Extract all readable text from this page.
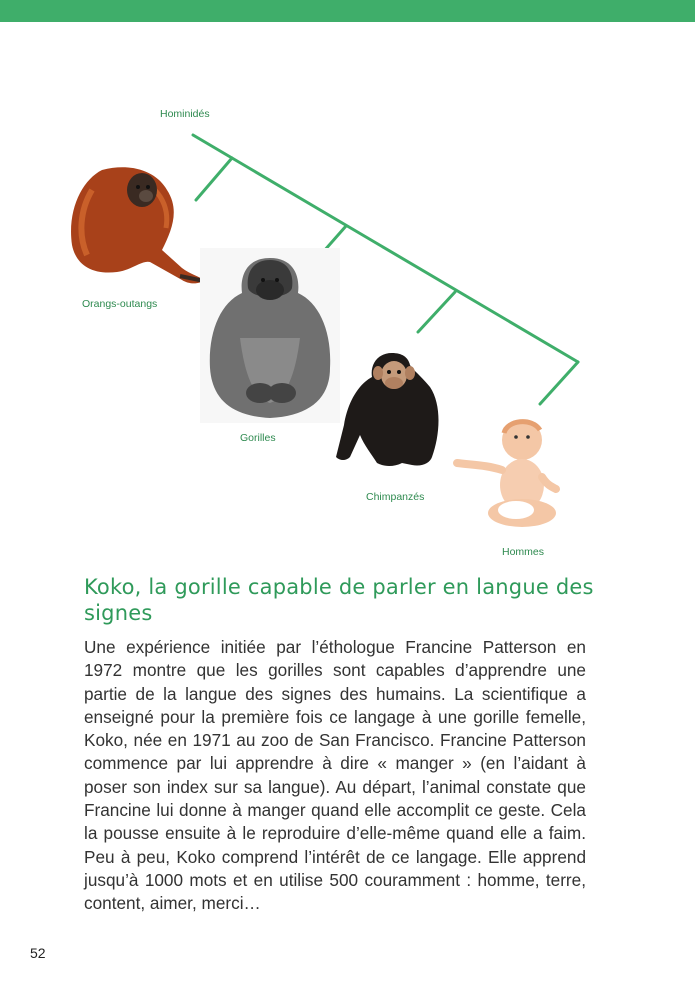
Hominidés
Orangs-outangs
Gorilles
Chimpanzés
Hommes
Koko, la gorille capable de parler en langue des signes

Une expérience initiée par l’éthologue Francine Patterson en 1972 montre que les gorilles sont capables d’apprendre une partie de la langue des signes des humains. La scientifique a enseigné pour la première fois ce langage à une gorille femelle, Koko, née en 1971 au zoo de San Francisco. Francine Patterson commence par lui apprendre à dire « manger » (en l’aidant à poser son index sur sa langue). Au départ, l’animal constate que Francine lui donne à manger quand elle accomplit ce geste. Cela la pousse ensuite à le reproduire d’elle-même quand elle a faim. Peu à peu, Koko comprend l’intérêt de ce langage. Elle apprend jusqu’à 1000 mots et en utilise 500 couramment : homme, terre, content, aimer, merci…

52
